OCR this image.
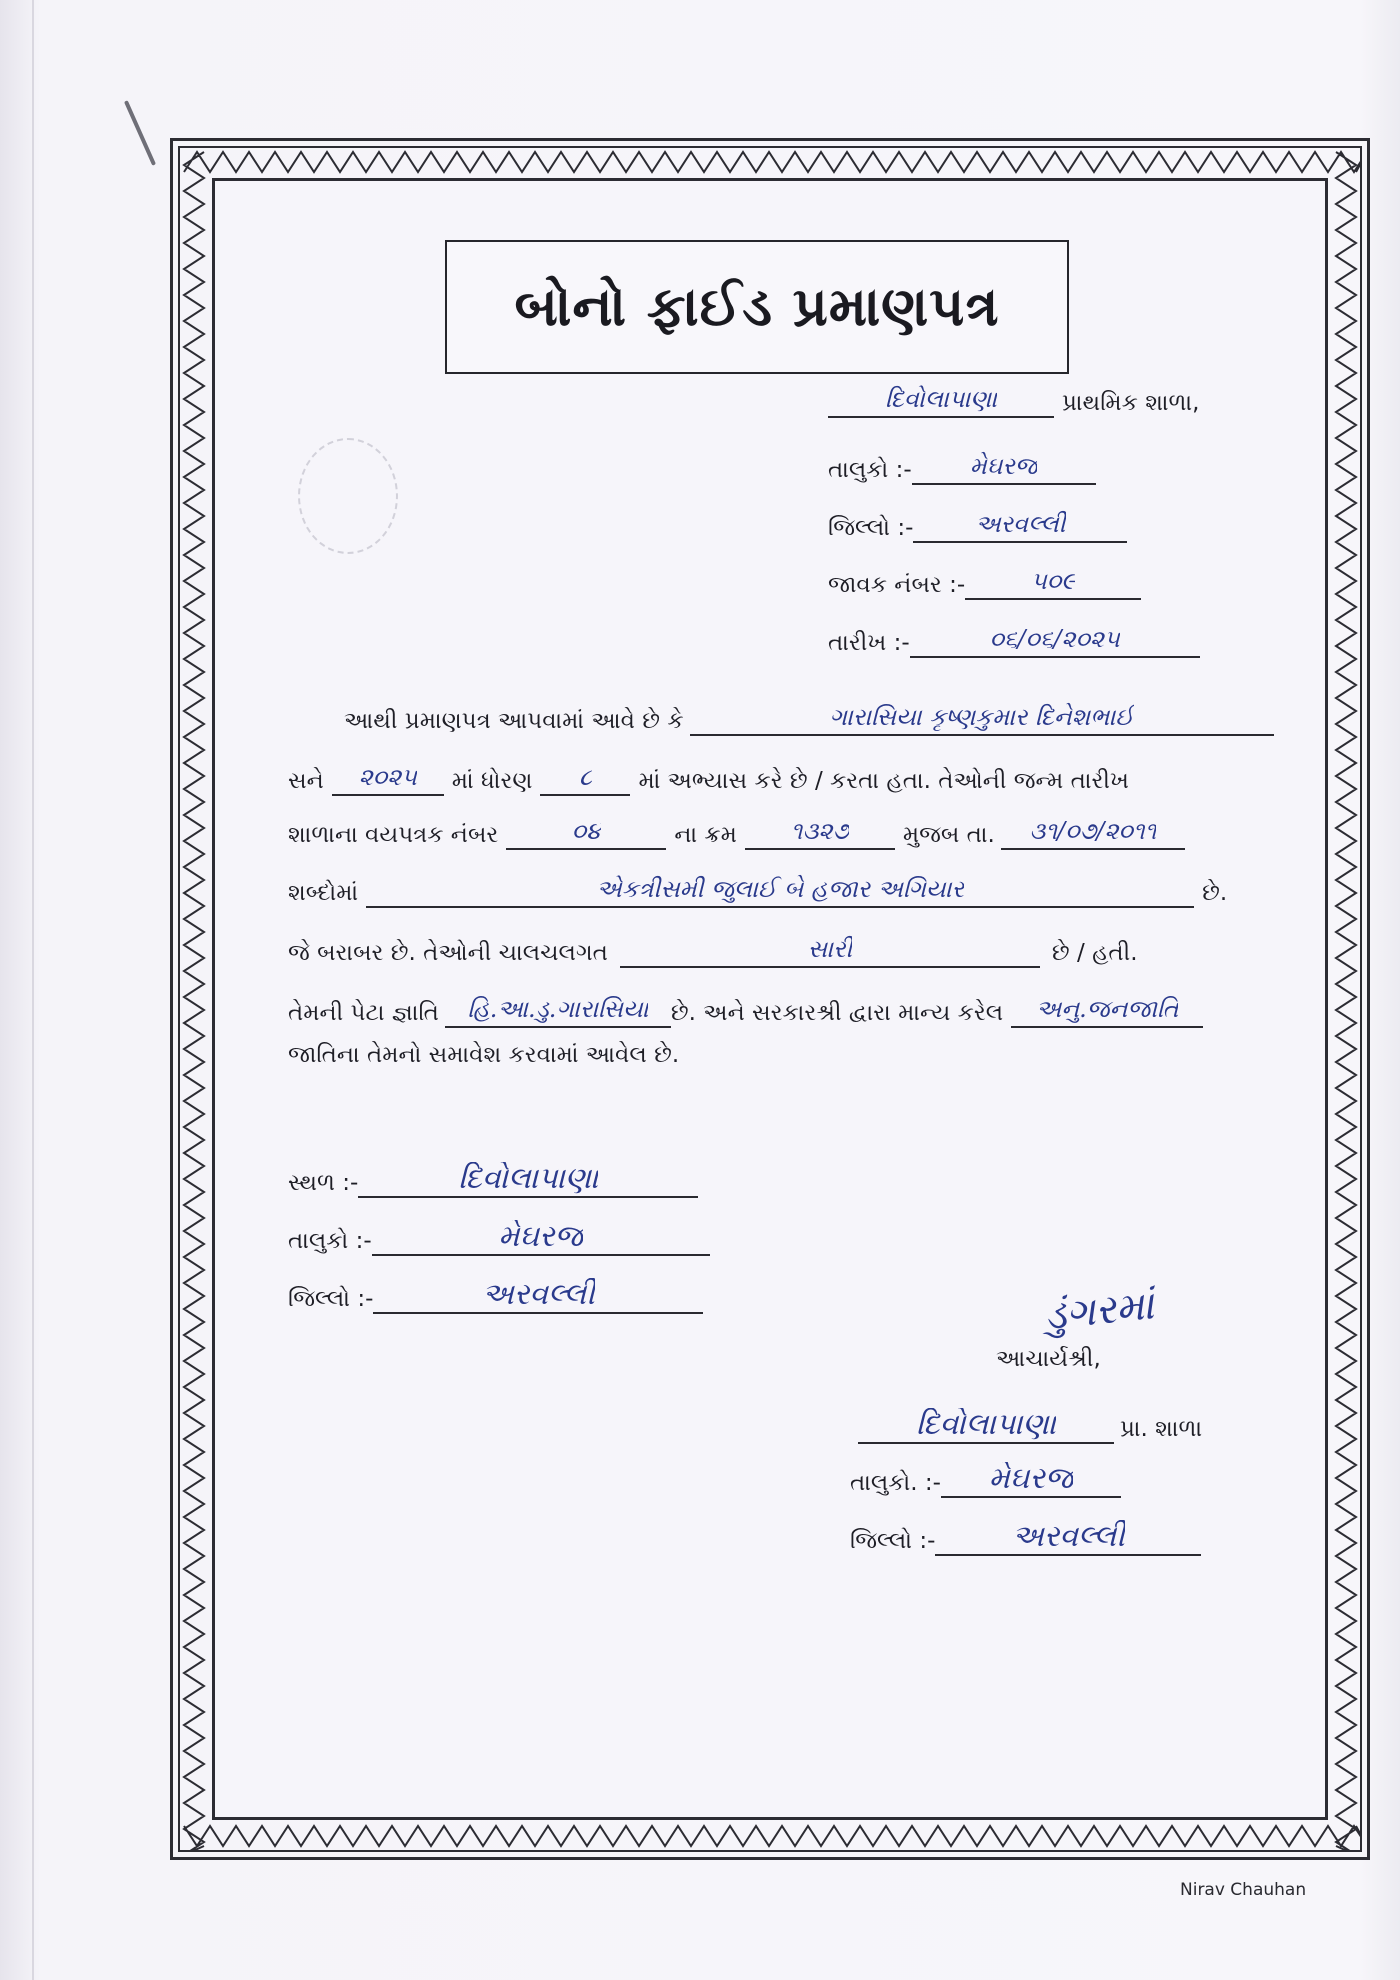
બોનો ફાઈડ પ્રમાણપત્ર
દિવોલાપાણા	પ્રાથમિક શાળા,
તાલુકો :- મેઘરજ
જિલ્લો :-	અરવલ્લી
જાવક નંબર :-	૫૦૯
તારીખ :-	૦૬/૦૬/૨૦૨૫
આથી પ્રમાણપત્ર આપવામાં આવે છે કે	ગારાસિયા કૃષ્ણકુમાર દિનેશભાઈ
સને ૨૦૨૫ માં ધોરણ ૮ માં અભ્યાસ કરે છે / કરતા હતા. તેઓની જન્મ તારીખ
શાળાના વયપત્રક નંબર	૦૪	ના ક્રમ ૧૩૨૭ મુજબ તા. ૩૧/૦૭/૨૦૧૧
શબ્દોમાં	એકત્રીસમી જુલાઈ બે હજાર અગિયાર	છે.
જે બરાબર છે. તેઓની ચાલચલગત	સારી	છે / હતી.
તેમની પેટા જ્ઞાતિ હિ.આ.ડુ.ગારાસિયા છે. અને સરકારશ્રી દ્વારા માન્ય કરેલ અનુ.જનજાતિ
જાતિના તેમનો સમાવેશ કરવામાં આવેલ છે.
સ્થળ :-	દિવોલાપાણા
તાલુકો :-	મેઘરજ
જિલ્લો :-	અરવલ્લી	ડુંગરમાં
આચાર્યશ્રી,
દિવોલાપાણા	પ્રા. શાળા
તાલુકો. :- મેઘરજ
જિલ્લો :-	અરવલ્લી
Nirav Chauhan
